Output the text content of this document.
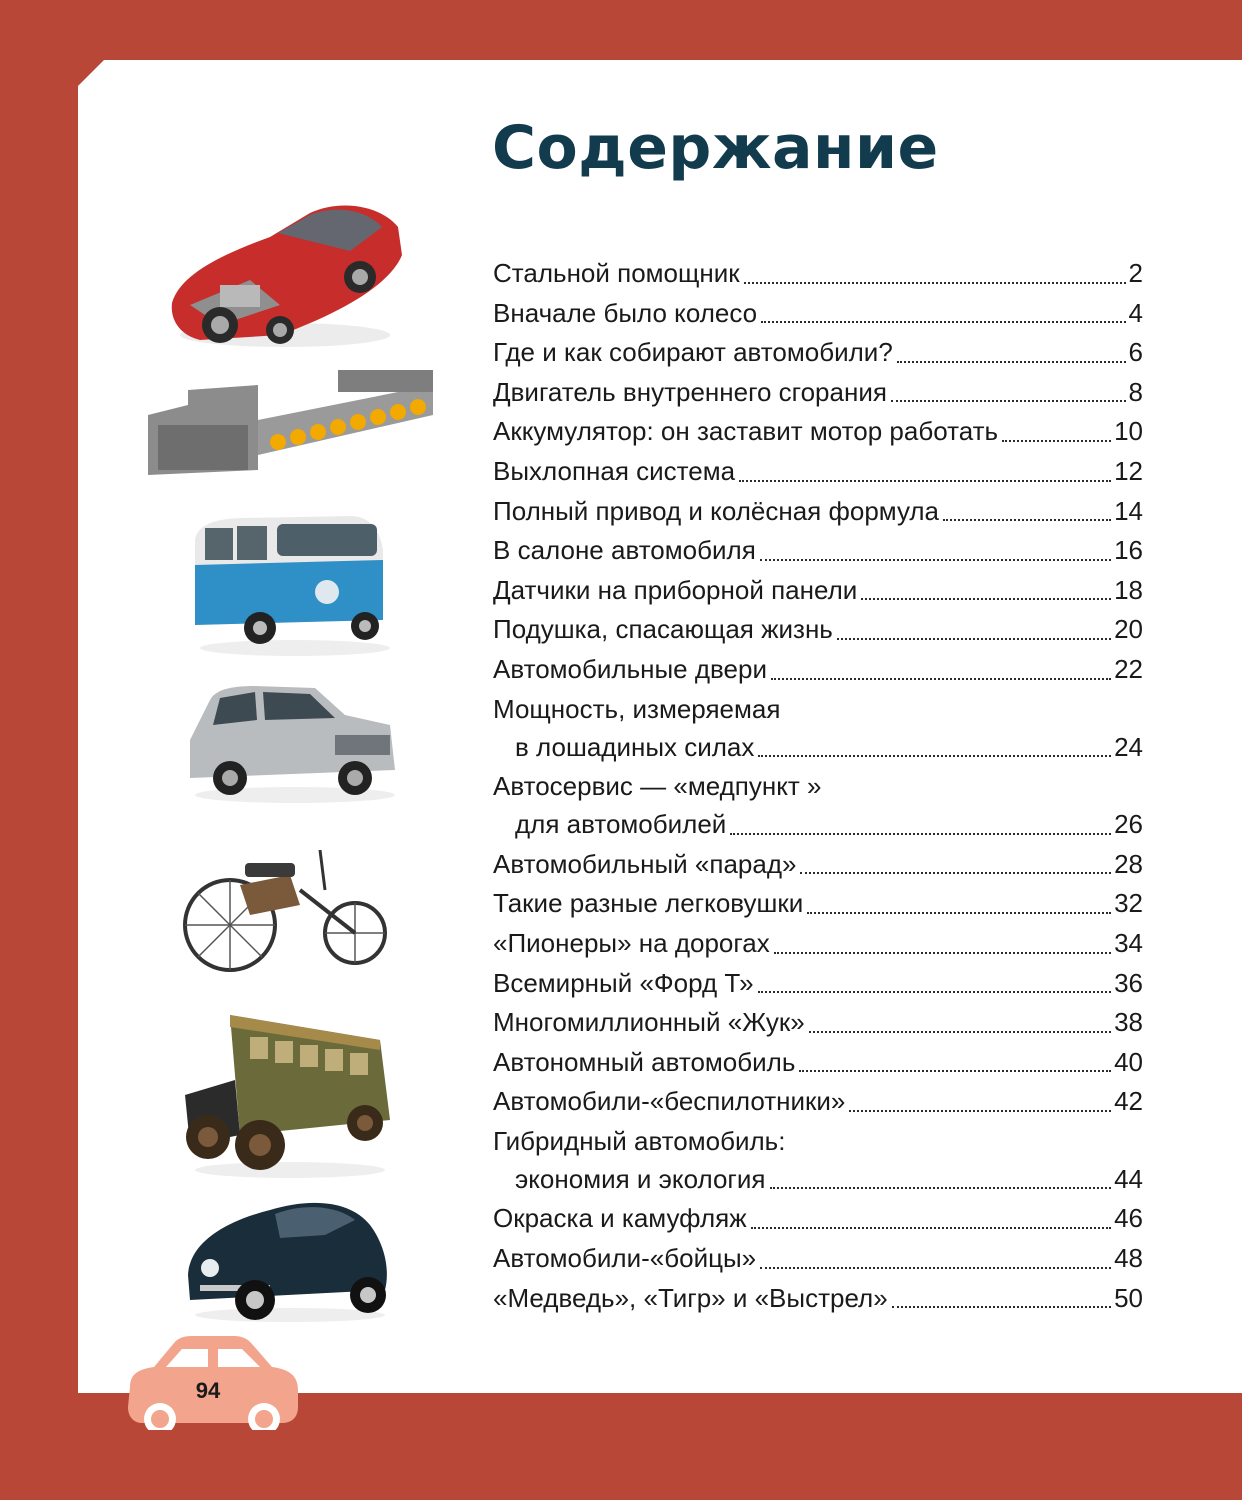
Содержание
Стальной помощник	2
Вначале было колесо	4
Где и как собирают автомобили?	6
Двигатель внутреннего сгорания	8
Аккумулятор: он заставит мотор работать	10
Выхлопная система	12
Полный привод и колёсная формула	14
В салоне автомобиля	16
Датчики на приборной панели	18
Подушка, спасающая жизнь	20
Автомобильные двери	22
Мощность, измеряемая
в лошадиных силах	24
Автосервис — «медпункт »
для автомобилей	26
Автомобильный «парад»	28
Такие разные легковушки	32
«Пионеры» на дорогах	34
Всемирный «Форд Т»	36
Многомиллионный «Жук»	38
Автономный автомобиль	40
Автомобили-«беспилотники»	42
Гибридный автомобиль:
экономия и экология	44
Окраска и камуфляж	46
Автомобили-«бойцы»	48
«Медведь», «Тигр» и «Выстрел»	50
94
